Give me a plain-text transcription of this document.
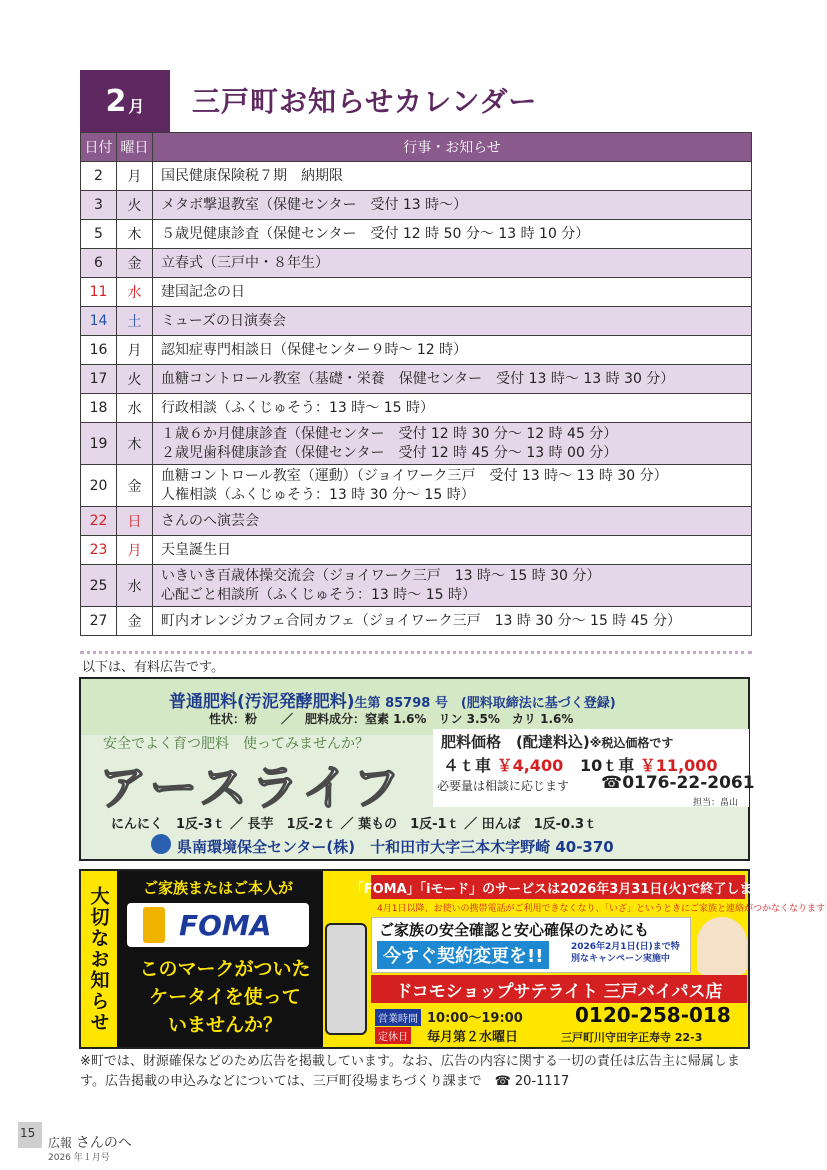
2 月 三戸町お知らせカレンダー
日付	曜日	行事・お知らせ
2	月	国民健康保険税７期　納期限

3	火	メタボ撃退教室（保健センター　受付 13 時〜）

5	木	５歳児健康診査（保健センター　受付 12 時 50 分〜 13 時 10 分）

6	金	立春式（三戸中・８年生）

11	水	建国記念の日

14	土	ミューズの日演奏会

16	月	認知症専門相談日（保健センター９時〜 12 時）

17	火	血糖コントロール教室（基礎・栄養　保健センター　受付 13 時〜 13 時 30 分）

18	水	行政相談（ふくじゅそう：13 時〜 15 時）

19	木	１歳６か月健康診査（保健センター　受付 12 時 30 分〜 12 時 45 分）
２歳児歯科健康診査（保健センター　受付 12 時 45 分〜 13 時 00 分）

20	金	血糖コントロール教室（運動）（ジョイワーク三戸　受付 13 時〜 13 時 30 分）
人権相談（ふくじゅそう：13 時 30 分〜 15 時）

22	日	さんのへ演芸会

23	月	天皇誕生日

25	水	いきいき百歳体操交流会（ジョイワーク三戸　13 時〜 15 時 30 分）
心配ごと相談所（ふくじゅそう：13 時〜 15 時）

27	金	町内オレンジカフェ合同カフェ（ジョイワーク三戸　13 時 30 分〜 15 時 45 分）
以下は、有料広告です。
普通肥料(汚泥発酵肥料)生第 85798 号　(肥料取締法に基づく登録)
性状：粉　　／　肥料成分：窒素 1.6%　リン 3.5%　カリ 1.6%
安全でよく育つ肥料　使ってみませんか？
アースライフ
肥料価格　(配達料込)※税込価格です
４ｔ車 ￥4,400 10ｔ車 ￥11,000
必要量は相談に応じます ☎0176-22-2061
担当：畠山
にんにく　1反-3ｔ ／ 長芋　1反-2ｔ ／ 葉もの　1反-1ｔ ／ 田んぼ　1反-0.3ｔ
県南環境保全センター(株)　十和田市大字三本木字野崎 40-370
大切なお知らせ ご家族またはご本人が
FOMA
このマークがついた
ケータイを使って
いませんか？
「FOMA」「iモード」のサービスは2026年3月31日(火)で終了します
4月1日以降、お使いの携帯電話がご利用できなくなり、「いざ」というときにご家族と連絡がつかなくなります
ご家族の安全確認と安心確保のためにも
今すぐ契約変更を!!	2026年2月1日(日)まで特別なキャンペーン実施中
ドコモショップサテライト 三戸バイパス店
営業時間 10:00〜19:00
定休日 毎月第２水曜日
0120-258-018
三戸町川守田字正寿寺 22-3
※町では、財源確保などのため広告を掲載しています。なお、広告の内容に関する一切の責任は広告主に帰属します。広告掲載の申込みなどについては、三戸町役場まちづくり課まで　☎ 20-1117
15
広報 さんのへ
2026 年１月号
